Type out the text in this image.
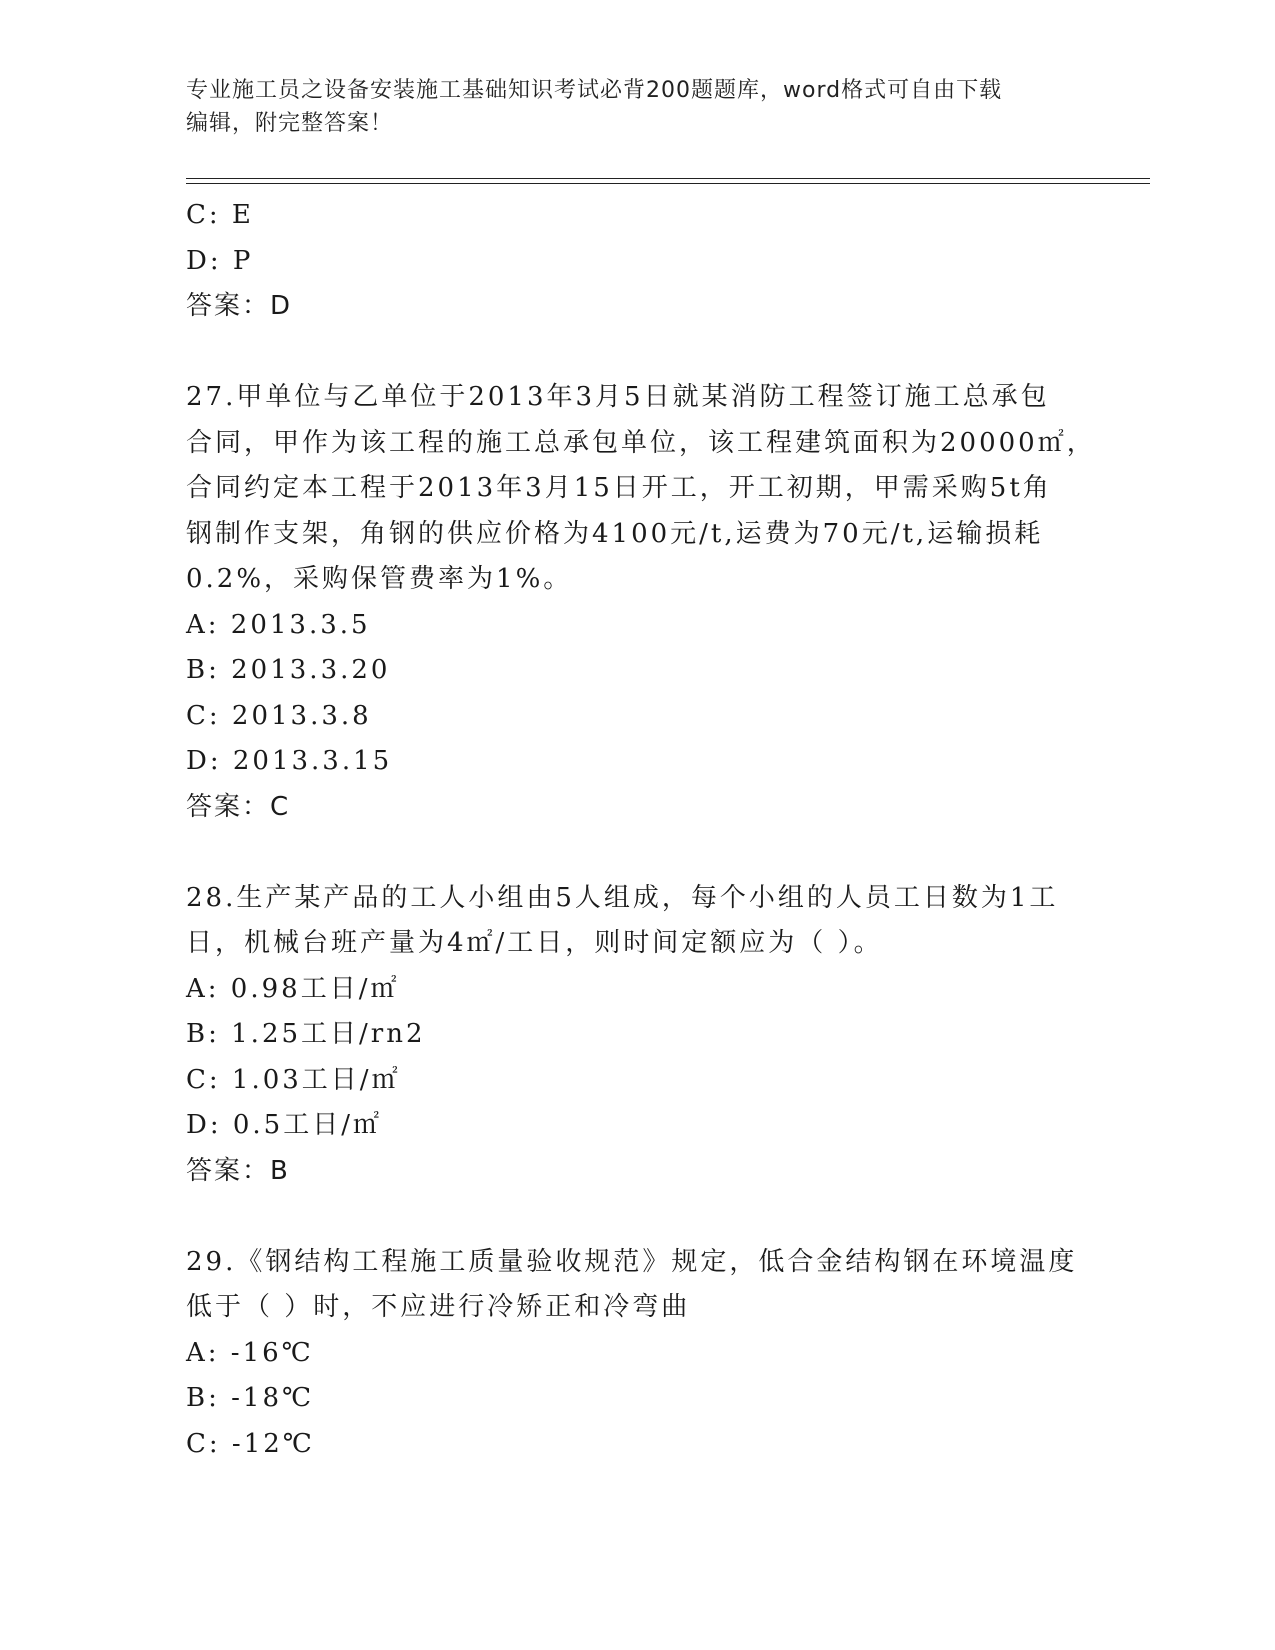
专业施工员之设备安装施工基础知识考试必背200题题库，word格式可自由下载
编辑，附完整答案！
C: E
D: P
答案：D
27.甲单位与乙单位于2013年3月5日就某消防工程签订施工总承包
合同，甲作为该工程的施工总承包单位，该工程建筑面积为20000㎡，
合同约定本工程于2013年3月15日开工，开工初期，甲需采购5t角
钢制作支架，角钢的供应价格为4100元/t,运费为70元/t,运输损耗
0.2%，采购保管费率为1%。
A: 2013.3.5
B: 2013.3.20
C: 2013.3.8
D: 2013.3.15
答案：C
28.生产某产品的工人小组由5人组成，每个小组的人员工日数为1工
日，机械台班产量为4㎡/工日，则时间定额应为（ ）。
A: 0.98工日/㎡
B: 1.25工日/rn2
C: 1.03工日/㎡
D: 0.5工日/㎡
答案：B
29.《钢结构工程施工质量验收规范》规定，低合金结构钢在环境温度
低于（ ）时，不应进行冷矫正和冷弯曲
A: -16℃
B: -18℃
C: -12℃
